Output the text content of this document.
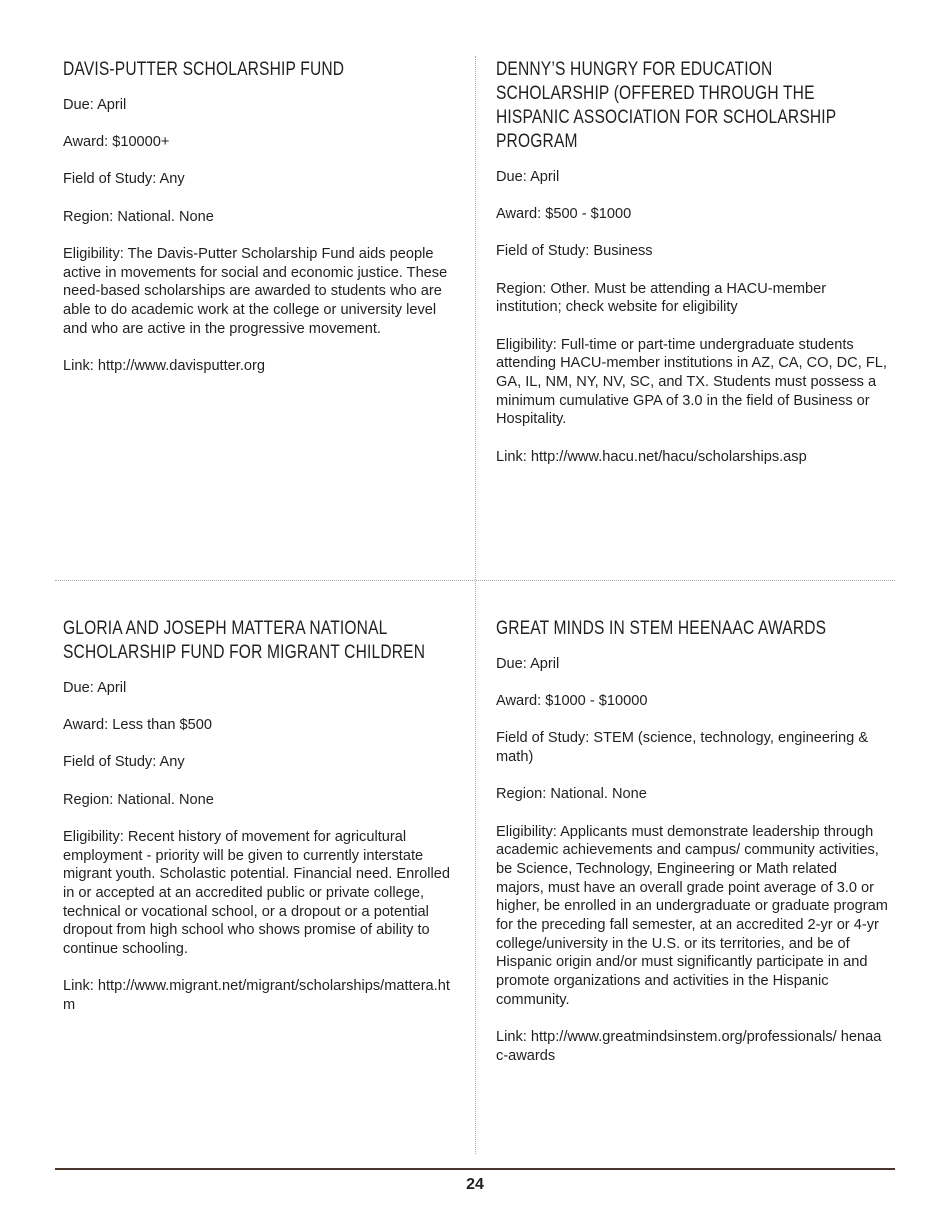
DAVIS-PUTTER SCHOLARSHIP FUND

Due: April

Award: $10000+

Field of Study: Any

Region: National. None

Eligibility: The Davis-Putter Scholarship Fund aids people active in movements for social and economic justice. These need-based scholarships are awarded to students who are able to do academic work at the college or university level and who are active in the progressive movement.

Link: http://www.davisputter.org

DENNY’S HUNGRY FOR EDUCATION SCHOLARSHIP (OFFERED THROUGH THE HISPANIC ASSOCIATION FOR SCHOLARSHIP PROGRAM

Due: April

Award: $500 - $1000

Field of Study: Business

Region: Other. Must be attending a HACU-member institution; check website for eligibility

Eligibility: Full-time or part-time undergraduate students attending HACU-member institutions in AZ, CA, CO, DC, FL, GA, IL, NM, NY, NV, SC, and TX. Students must possess a minimum cumulative GPA of 3.0 in the field of Business or Hospitality.

Link: http://www.hacu.net/hacu/scholarships.asp

GLORIA AND JOSEPH MATTERA NATIONAL SCHOLARSHIP FUND FOR MIGRANT CHILDREN

Due: April

Award: Less than $500

Field of Study: Any

Region: National. None

Eligibility: Recent history of movement for agricultural employment - priority will be given to currently interstate migrant youth. Scholastic potential. Financial need. Enrolled in or accepted at an accredited public or private college, technical or vocational school, or a dropout or a potential dropout from high school who shows promise of ability to continue schooling.

Link: http://www.migrant.net/migrant/scholarships/mattera.htm

GREAT MINDS IN STEM HEENAAC AWARDS

Due: April

Award: $1000 - $10000

Field of Study: STEM (science, technology, engineering & math)

Region: National. None

Eligibility: Applicants must demonstrate leadership through academic achievements and campus/ community activities, be Science, Technology, Engineering or Math related majors, must have an overall grade point average of 3.0 or higher, be enrolled in an undergraduate or graduate program for the preceding fall semester, at an accredited 2-yr or 4-yr college/university in the U.S. or its territories, and be of Hispanic origin and/or must significantly participate in and promote organizations and activities in the Hispanic community.

Link: http://www.greatmindsinstem.org/professionals/ henaac-awards

24
